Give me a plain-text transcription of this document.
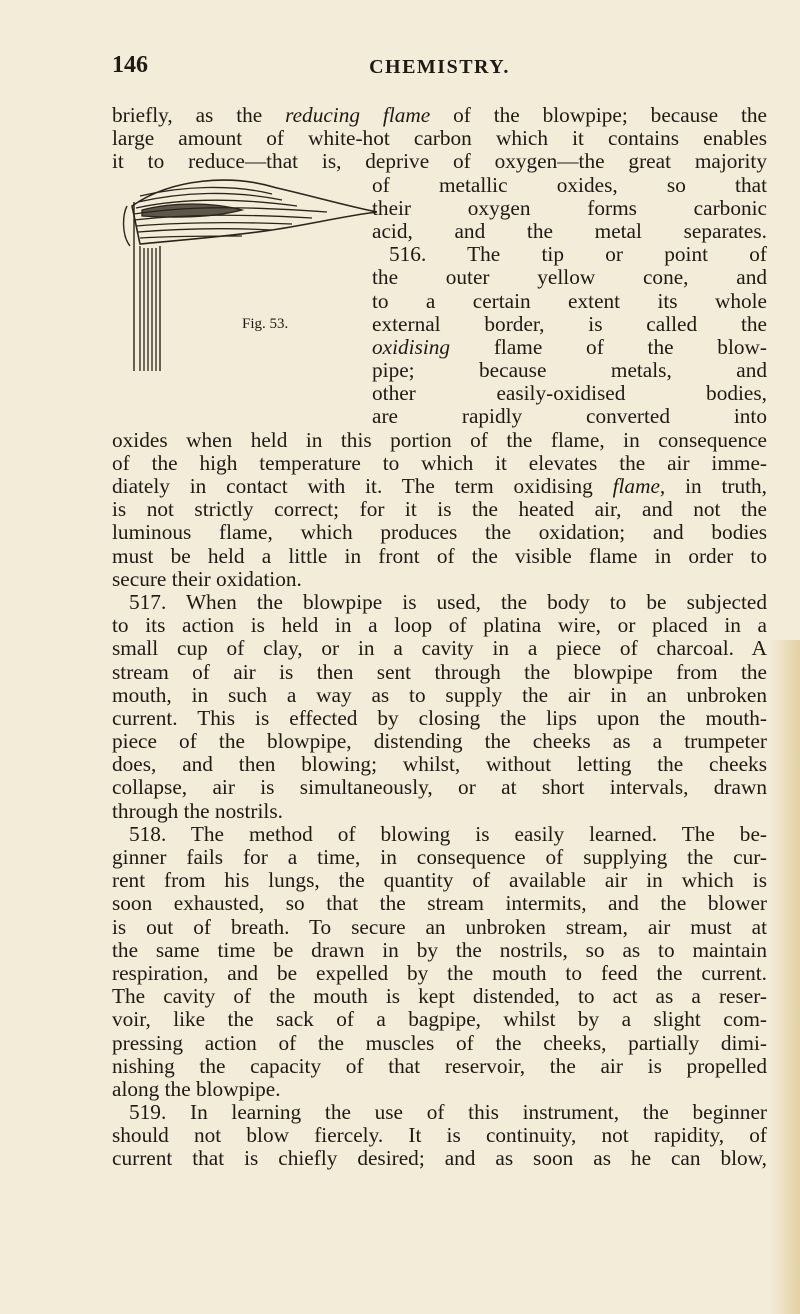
146	CHEMISTRY.
Fig. 53.
briefly, as the reducing flame of the blowpipe; because the
large amount of white-hot carbon which it contains enables
it to reduce—that is, deprive of oxygen—the great majority
of metallic oxides, so that
their oxygen forms carbonic
acid, and the metal separates.
516. The tip or point of
the outer yellow cone, and
to a certain extent its whole
external border, is called the
oxidising flame of the blow-
pipe; because metals, and
other easily-oxidised bodies,
are rapidly converted into
oxides when held in this portion of the flame, in consequence
of the high temperature to which it elevates the air imme-
diately in contact with it. The term oxidising flame, in truth,
is not strictly correct; for it is the heated air, and not the
luminous flame, which produces the oxidation; and bodies
must be held a little in front of the visible flame in order to
secure their oxidation.
517. When the blowpipe is used, the body to be subjected
to its action is held in a loop of platina wire, or placed in a
small cup of clay, or in a cavity in a piece of charcoal. A
stream of air is then sent through the blowpipe from the
mouth, in such a way as to supply the air in an unbroken
current. This is effected by closing the lips upon the mouth-
piece of the blowpipe, distending the cheeks as a trumpeter
does, and then blowing; whilst, without letting the cheeks
collapse, air is simultaneously, or at short intervals, drawn
through the nostrils.
518. The method of blowing is easily learned. The be-
ginner fails for a time, in consequence of supplying the cur-
rent from his lungs, the quantity of available air in which is
soon exhausted, so that the stream intermits, and the blower
is out of breath. To secure an unbroken stream, air must at
the same time be drawn in by the nostrils, so as to maintain
respiration, and be expelled by the mouth to feed the current.
The cavity of the mouth is kept distended, to act as a reser-
voir, like the sack of a bagpipe, whilst by a slight com-
pressing action of the muscles of the cheeks, partially dimi-
nishing the capacity of that reservoir, the air is propelled
along the blowpipe.
519. In learning the use of this instrument, the beginner
should not blow fiercely. It is continuity, not rapidity, of
current that is chiefly desired; and as soon as he can blow,
